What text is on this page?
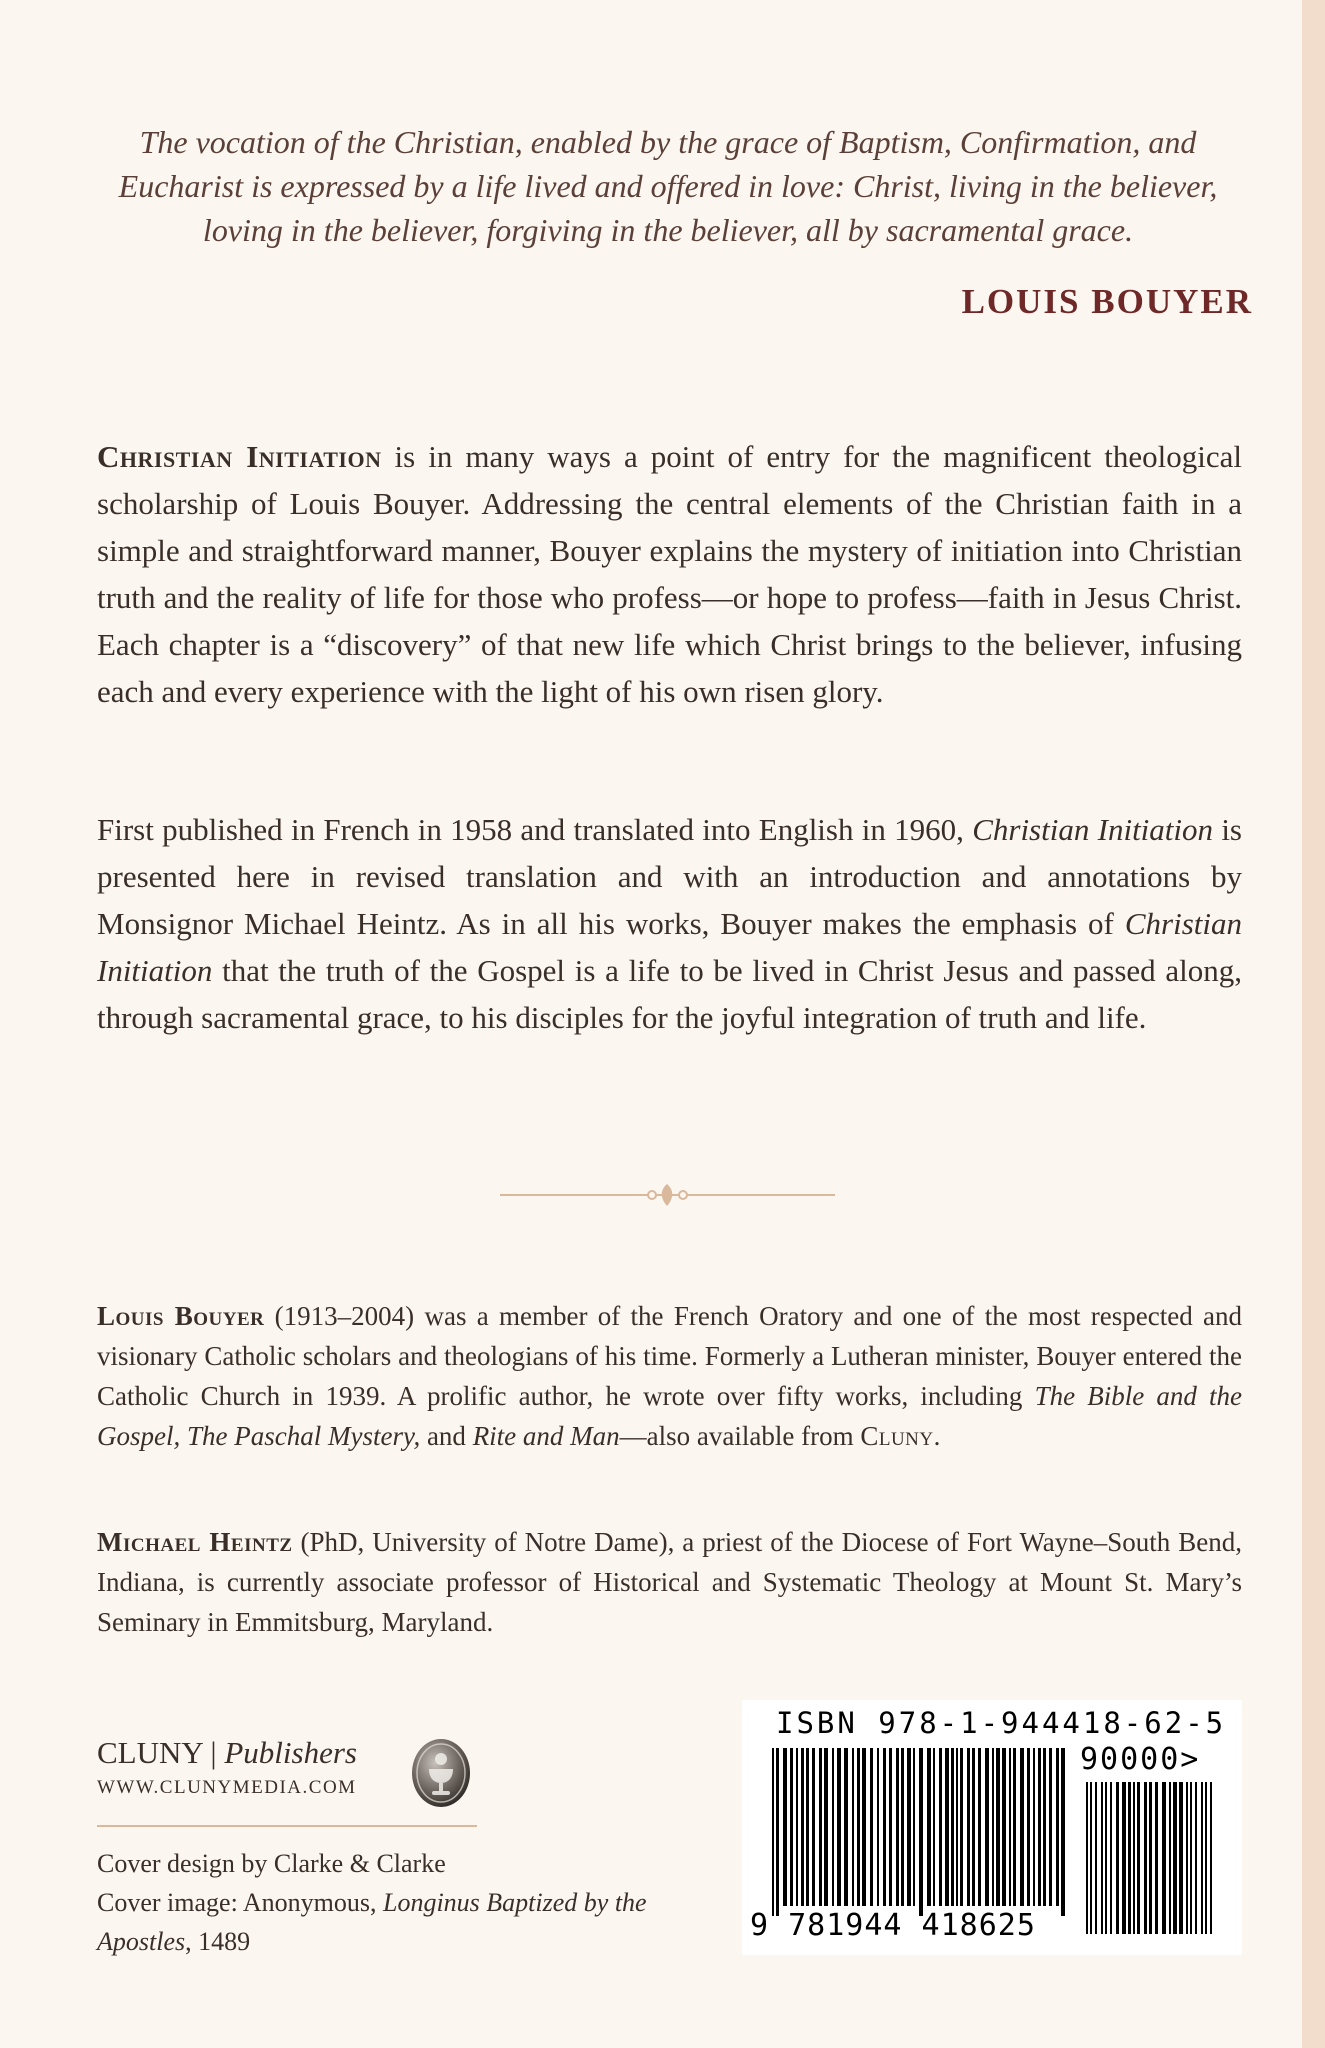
The vocation of the Christian, enabled by the grace of Baptism, Confirmation, and Eucharist is expressed by a life lived and offered in love: Christ, living in the believer, loving in the believer, forgiving in the believer, all by sacramental grace.
LOUIS BOUYER

Christian Initiation is in many ways a point of entry for the magnificent theological scholarship of Louis Bouyer. Addressing the central elements of the Christian faith in a simple and straightforward manner, Bouyer explains the mystery of initiation into Christian truth and the reality of life for those who profess—or hope to profess—faith in Jesus Christ. Each chapter is a “discovery” of that new life which Christ brings to the believer, infusing each and every experience with the light of his own risen glory.

First published in French in 1958 and translated into English in 1960, Christian Initiation is presented here in revised translation and with an introduction and annotations by Monsignor Michael Heintz. As in all his works, Bouyer makes the emphasis of Christian Initiation that the truth of the Gospel is a life to be lived in Christ Jesus and passed along, through sacramental grace, to his disciples for the joyful integration of truth and life.

Louis Bouyer (1913–2004) was a member of the French Oratory and one of the most respected and visionary Catholic scholars and theologians of his time. Formerly a Lutheran minister, Bouyer entered the Catholic Church in 1939. A prolific author, he wrote over fifty works, including The Bible and the Gospel, The Paschal Mystery, and Rite and Man—also available from Cluny.

Michael Heintz (PhD, University of Notre Dame), a priest of the Diocese of Fort Wayne–South Bend, Indiana, is currently associate professor of Historical and Systematic Theology at Mount St. Mary’s Seminary in Emmitsburg, Maryland.

CLUNY | Publishers
WWW.CLUNYMEDIA.COM

Cover design by Clarke & Clarke

Cover image: Anonymous, Longinus Baptized by the Apostles, 1489

ISBN 978-1-944418-62-5
90000>
9 781944 418625
